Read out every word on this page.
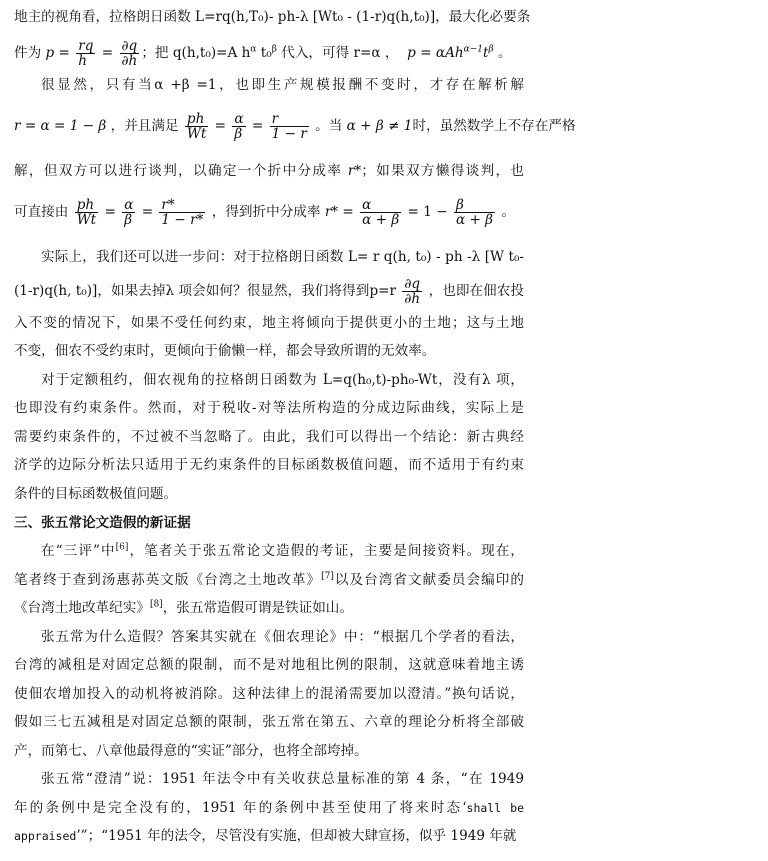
地主的视角看，拉格朗日函数 L=rq(h,T₀)- ph-λ [Wt₀ - (1-r)q(h,t₀)]，最大化必要条
件为 $p = \frac{rq}{h} = \frac{\partial q}{\partial h}$ ；把 q(h,t₀)=A $h^\alpha$ t₀$^\beta$ 代入，可得 r=α ，  $p = \alpha Ah^{\alpha-1}t^\beta$ 。
很显然，只有当α +β =1，也即生产规模报酬不变时，才存在解析解
r = α = 1 − β ，并且满足 $\frac{ph}{Wt} = \frac{\alpha}{\beta} = \frac{r}{1 - r}$ 。当 α + β ≠ 1时，虽然数学上不存在严格
解，但双方可以进行谈判，以确定一个折中分成率 r*；如果双方懒得谈判，也
可直接由 $\frac{ph}{Wt} = \frac{\alpha}{\beta} = \frac{r*}{1 - r*}$ ，得到折中分成率 $r* = \frac{\alpha}{\alpha + \beta} = 1 - \frac{\beta}{\alpha + \beta}$ 。
实际上，我们还可以进一步问：对于拉格朗日函数 L= r q(h, t₀) - ph -λ [W t₀-
(1-r)q(h, t₀)]，如果去掉λ 项会如何？很显然，我们将得到$p=r \frac{\partial q}{\partial h}$ ，也即在佃农投
入不变的情况下，如果不受任何约束，地主将倾向于提供更小的土地；这与土地
不变，佃农不受约束时，更倾向于偷懒一样，都会导致所谓的无效率。
对于定额租约，佃农视角的拉格朗日函数为 L=q(h₀,t)-ph₀-Wt，没有λ 项，
也即没有约束条件。然而，对于税收-对等法所构造的分成边际曲线，实际上是
需要约束条件的，不过被不当忽略了。由此，我们可以得出一个结论：新古典经
济学的边际分析法只适用于无约束条件的目标函数极值问题，而不适用于有约束
条件的目标函数极值问题。
三、张五常论文造假的新证据
在“三评”中[6]，笔者关于张五常论文造假的考证，主要是间接资料。现在，
笔者终于查到汤惠荪英文版《台湾之土地改革》[7]以及台湾省文献委员会编印的
《台湾土地改革纪实》[8]，张五常造假可谓是铁证如山。
张五常为什么造假？答案其实就在《佃农理论》中：“根据几个学者的看法，
台湾的减租是对固定总额的限制，而不是对地租比例的限制，这就意味着地主诱
使佃农增加投入的动机将被消除。这种法律上的混淆需要加以澄清。”换句话说，
假如三七五减租是对固定总额的限制，张五常在第五、六章的理论分析将全部破
产，而第七、八章他最得意的“实证”部分，也将全部垮掉。
张五常“澄清”说：1951 年法令中有关收获总量标准的第 4 条，“在 1949
年的条例中是完全没有的，1951 年的条例中甚至使用了将来时态‘shall be
appraised’”；“1951 年的法令，尽管没有实施，但却被大肆宣扬，似乎 1949 年就
